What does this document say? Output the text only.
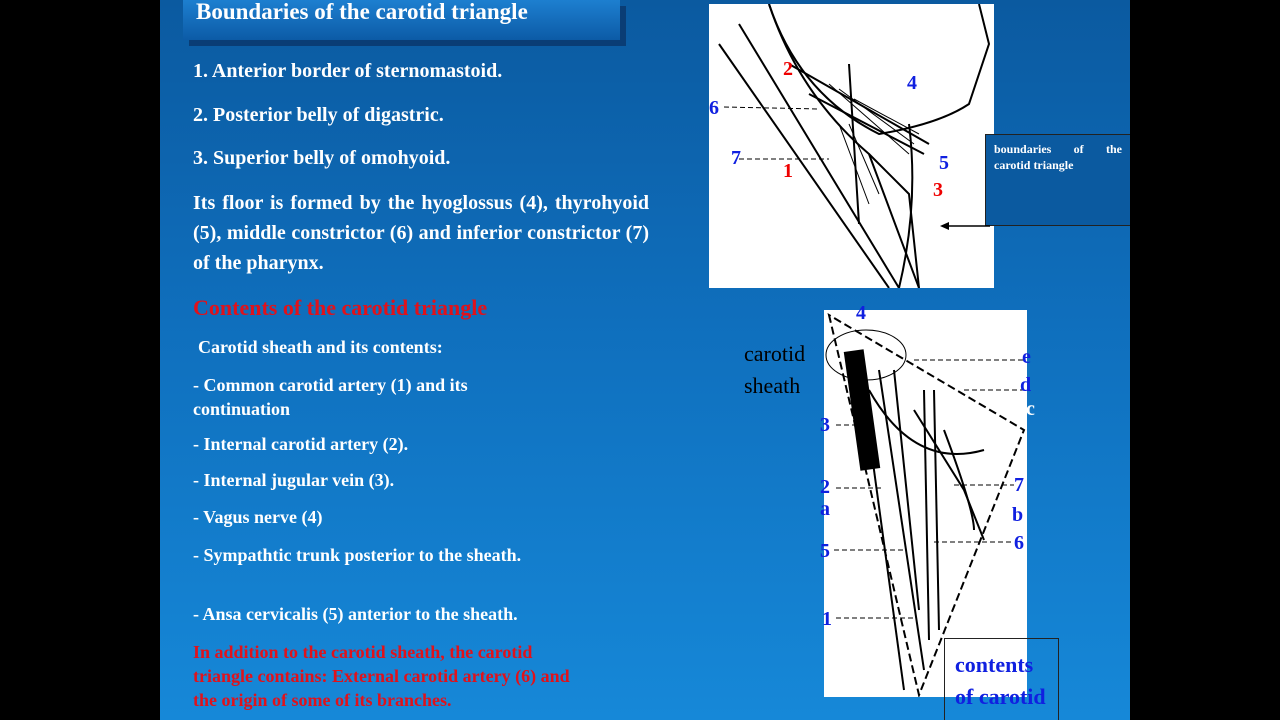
Boundaries of the carotid triangle
1. Anterior border of sternomastoid.
2. Posterior belly of digastric.
3. Superior belly of omohyoid.
Its floor is formed by the hyoglossus (4), thyrohyoid (5), middle constrictor (6) and inferior constrictor (7) of the pharynx.
Contents of the carotid triangle
Carotid sheath and its contents:
- Common carotid artery (1) and its continuation
- Internal carotid artery (2).
- Internal jugular vein (3).
- Vagus nerve (4)
- Sympathtic trunk posterior to the sheath.
- Ansa cervicalis (5) anterior to the sheath.
In addition to the carotid sheath, the carotid triangle contains: External carotid artery (6) and the origin of some of its branches.
2
4
6
7
1	5
3
boundaries of the carotid triangle
carotid sheath
4
e
d
c
3
2
a
7
b
5	6
1
contents of carotid
